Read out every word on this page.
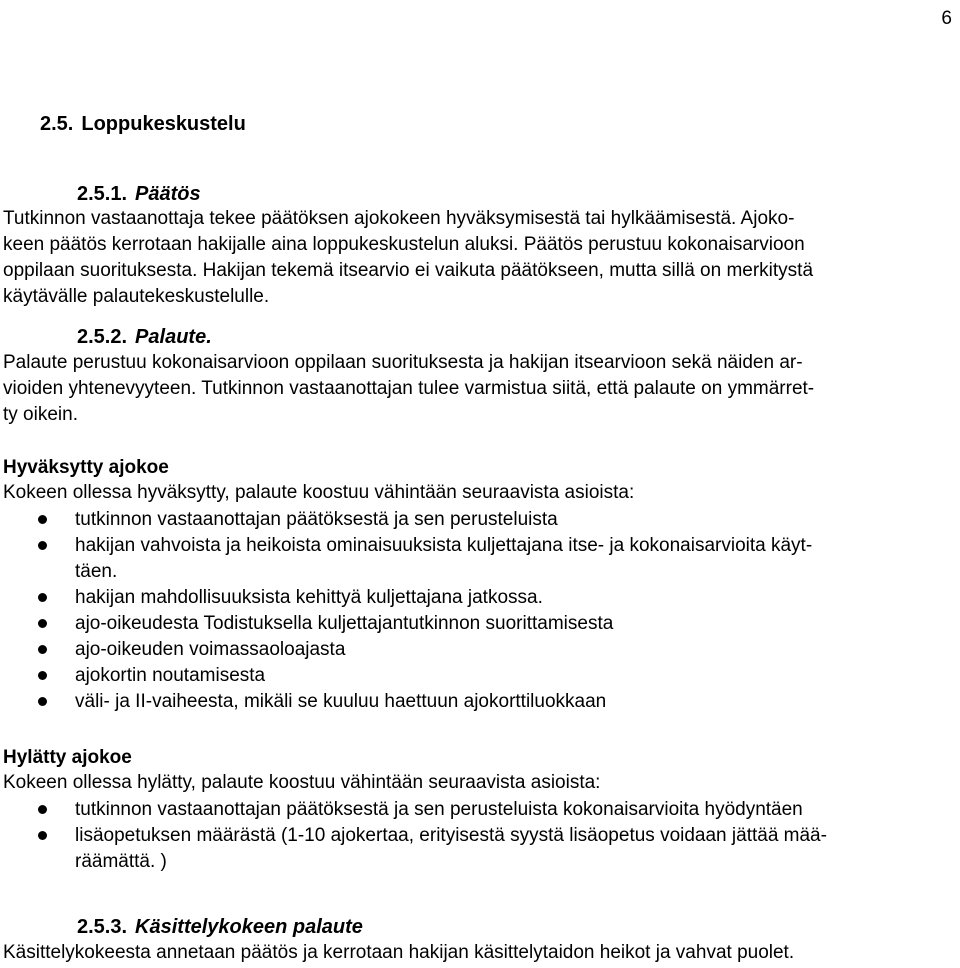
6
2.5. Loppukeskustelu
2.5.1. Päätös
Tutkinnon vastaanottaja tekee päätöksen ajokokeen hyväksymisestä tai hylkäämisestä. Ajoko-
keen päätös kerrotaan hakijalle aina loppukeskustelun aluksi. Päätös perustuu kokonaisarvioon
oppilaan suorituksesta. Hakijan tekemä itsearvio ei vaikuta päätökseen, mutta sillä on merkitystä
käytävälle palautekeskustelulle.
2.5.2. Palaute.
Palaute perustuu kokonaisarvioon oppilaan suorituksesta ja hakijan itsearvioon sekä näiden ar-
vioiden yhtenevyyteen. Tutkinnon vastaanottajan tulee varmistua siitä, että palaute on ymmärret-
ty oikein.
Hyväksytty ajokoe
Kokeen ollessa hyväksytty, palaute koostuu vähintään seuraavista asioista:
tutkinnon vastaanottajan päätöksestä ja sen perusteluista
hakijan vahvoista ja heikoista ominaisuuksista kuljettajana itse- ja kokonaisarvioita käyt-
täen.
hakijan mahdollisuuksista kehittyä kuljettajana jatkossa.
ajo-oikeudesta Todistuksella kuljettajantutkinnon suorittamisesta
ajo-oikeuden voimassaoloajasta
ajokortin noutamisesta
väli- ja II-vaiheesta, mikäli se kuuluu haettuun ajokorttiluokkaan
Hylätty ajokoe
Kokeen ollessa hylätty, palaute koostuu vähintään seuraavista asioista:
tutkinnon vastaanottajan päätöksestä ja sen perusteluista kokonaisarvioita hyödyntäen
lisäopetuksen määrästä (1-10 ajokertaa, erityisestä syystä lisäopetus voidaan jättää mää-
räämättä. )
2.5.3. Käsittelykokeen palaute
Käsittelykokeesta annetaan päätös ja kerrotaan hakijan käsittelytaidon heikot ja vahvat puolet.
